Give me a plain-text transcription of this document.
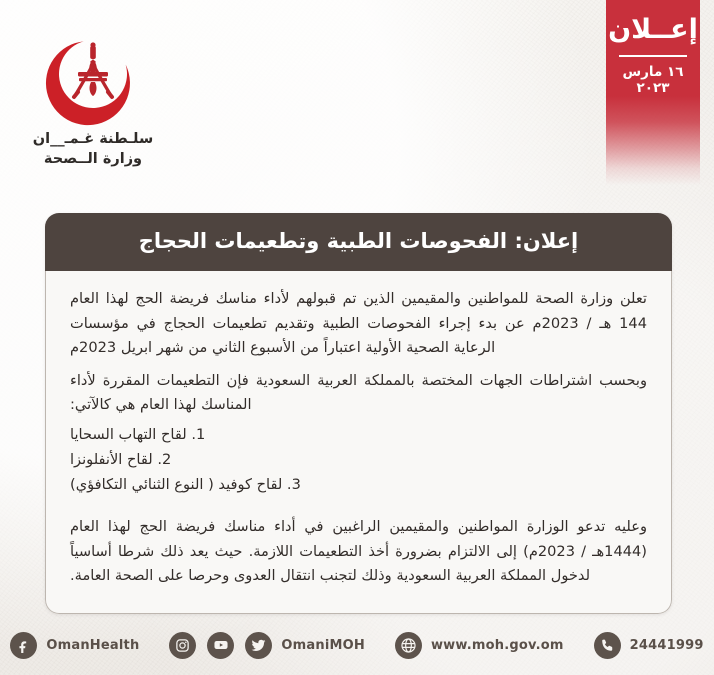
إعــلان
١٦ مارس ٢٠٢٣
سلـطنة غـمـ__ان
وزارة الــصحة
إعلان: الفحوصات الطبية وتطعيمات الحجاج

تعلن وزارة الصحة للمواطنين والمقيمين الذين تم قبولهم لأداء مناسك فريضة الحج لهذا العام 144 هـ / 2023م عن بدء إجراء الفحوصات الطبية وتقديم تطعيمات الحجاج في مؤسسات الرعاية الصحية الأولية اعتباراً من الأسبوع الثاني من شهر ابريل 2023م

وبحسب اشتراطات الجهات المختصة بالمملكة العربية السعودية فإن التطعيمات المقررة لأداء المناسك لهذا العام هي كالآتي:

1. لقاح التهاب السحايا
2. لقاح الأنفلونزا
3. لقاح كوفيد ( النوع الثنائي التكافؤي)

وعليه تدعو الوزارة المواطنين والمقيمين الراغبين في أداء مناسك فريضة الحج لهذا العام (1444هـ / 2023م) إلى الالتزام بضرورة أخذ التطعيمات اللازمة. حيث يعد ذلك شرطا أساسياً لدخول المملكة العربية السعودية وذلك لتجنب انتقال العدوى وحرصا على الصحة العامة.

OmanHealth	OmaniMOH	www.moh.gov.om	24441999
